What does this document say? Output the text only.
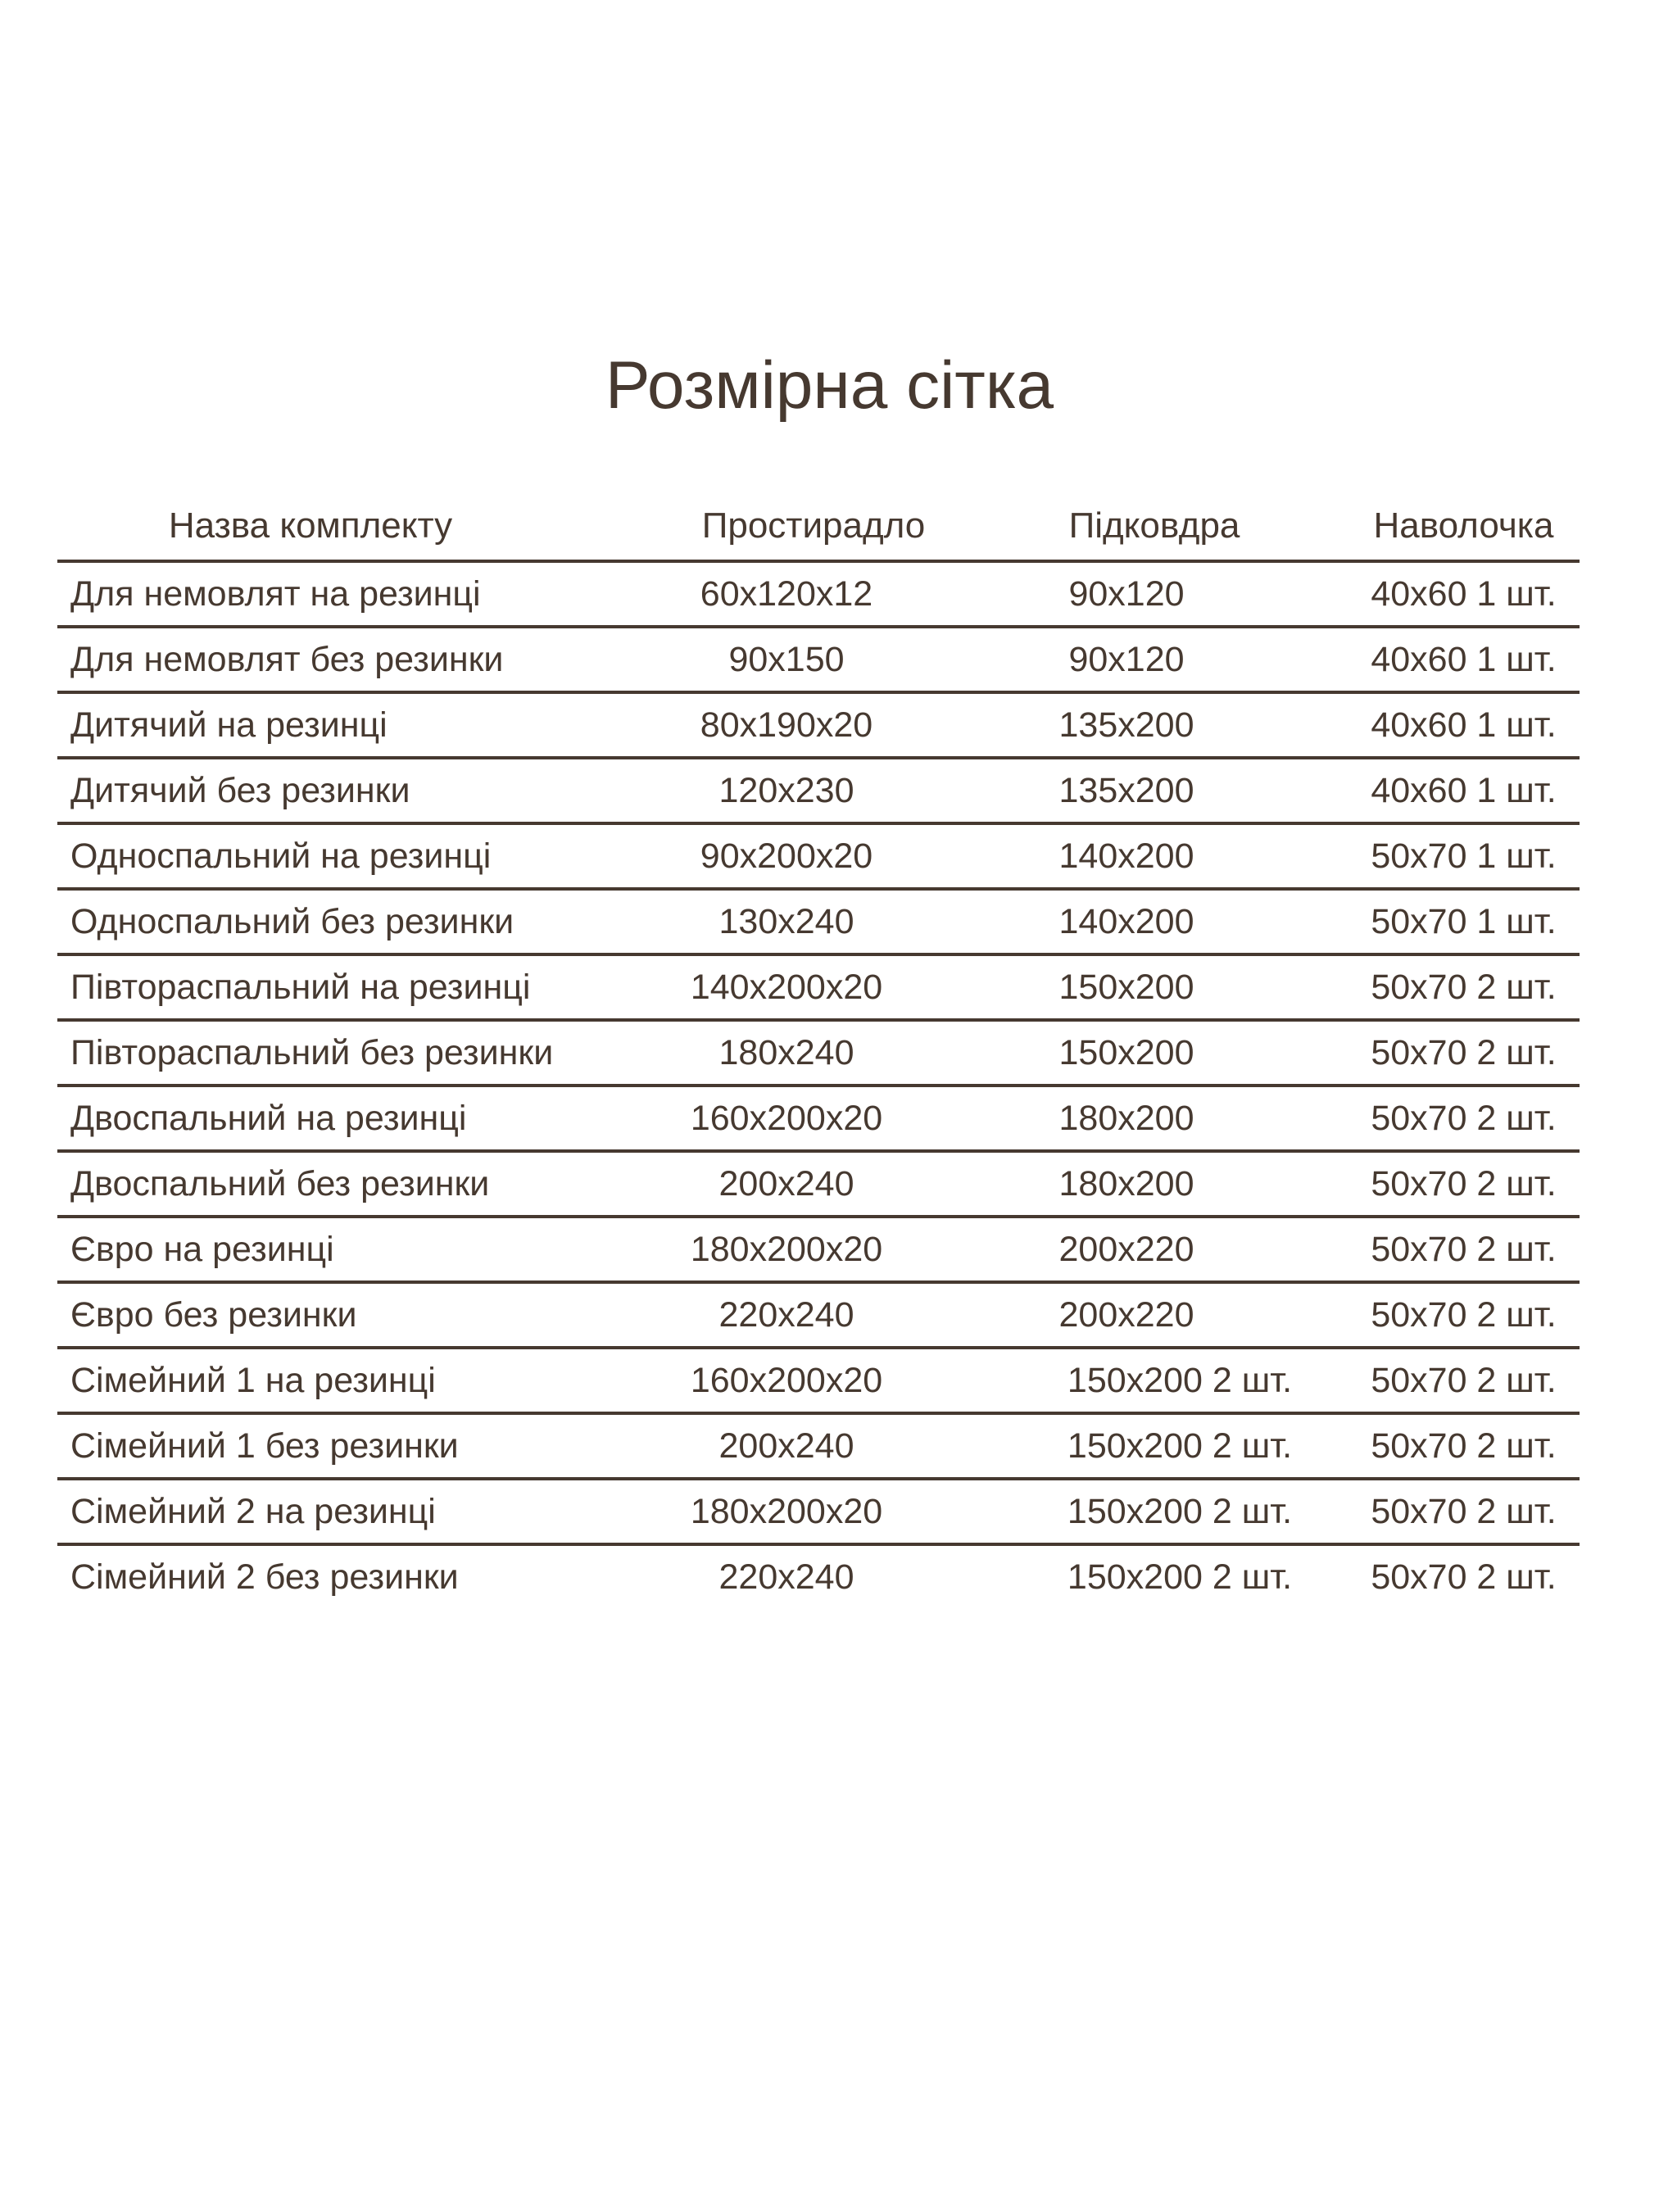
Розмірна сітка
Назва комплекту	Простирадло	Підковдра	Наволочка
Для немовлят на резинці	60х120х12	90х120	40х60 1 шт.
Для немовлят без резинки	90х150	90х120	40х60 1 шт.
Дитячий на резинці	80х190х20	135х200	40х60 1 шт.
Дитячий без резинки	120х230	135х200	40х60 1 шт.
Односпальний на резинці	90х200х20	140х200	50х70 1 шт.
Односпальний без резинки	130х240	140х200	50х70 1 шт.
Півтораспальний на резинці	140х200х20	150х200	50х70 2 шт.
Півтораспальний без резинки	180х240	150х200	50х70 2 шт.
Двоспальний на резинці	160х200х20	180х200	50х70 2 шт.
Двоспальний без резинки	200х240	180х200	50х70 2 шт.
Євро на резинці	180х200х20	200х220	50х70 2 шт.
Євро без резинки	220х240	200х220	50х70 2 шт.
Сімейний 1 на резинці	160х200х20	150х200 2 шт.	50х70 2 шт.
Сімейний 1 без резинки	200х240	150х200 2 шт.	50х70 2 шт.
Сімейний 2 на резинці	180х200х20	150х200 2 шт.	50х70 2 шт.
Сімейний 2 без резинки	220х240	150х200 2 шт.	50х70 2 шт.
